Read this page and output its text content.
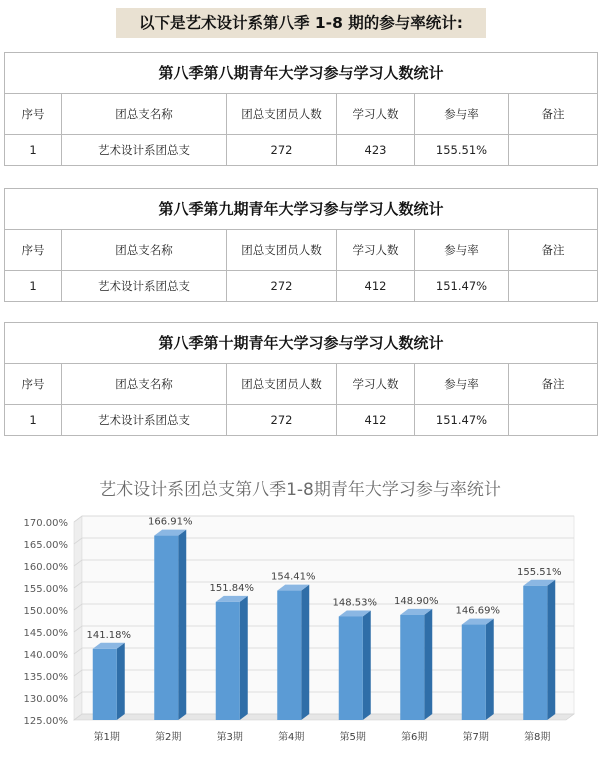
以下是艺术设计系第八季 1-8 期的参与率统计:
第八季第八期青年大学习参与学习人数统计
序号	团总支名称	团总支团员人数	学习人数	参与率	备注
1	艺术设计系团总支	272	423	155.51%
第八季第九期青年大学习参与学习人数统计
序号	团总支名称	团总支团员人数	学习人数	参与率	备注
1	艺术设计系团总支	272	412	151.47%
第八季第十期青年大学习参与学习人数统计
序号	团总支名称	团总支团员人数	学习人数	参与率	备注
1	艺术设计系团总支	272	412	151.47%
艺术设计系团总支第八季1-8期青年大学习参与率统计
125.00%
130.00%
135.00%
140.00%
145.00%
150.00%
155.00%
160.00%
165.00%
170.00%
141.18%
第1期
166.91%
第2期
151.84%
第3期
154.41%
第4期
148.53%
第5期
148.90%
第6期
146.69%
第7期
155.51%
第8期
